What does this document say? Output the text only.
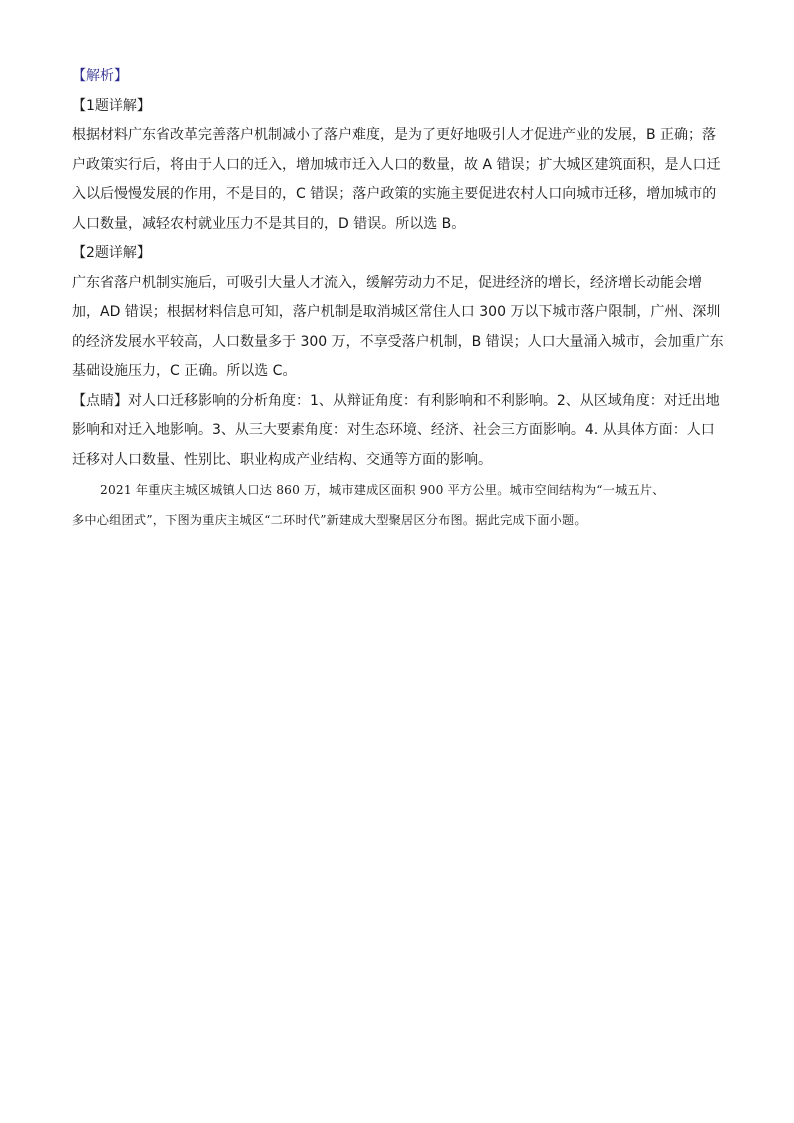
【解析】
【1题详解】
根据材料广东省改革完善落户机制减小了落户难度，是为了更好地吸引人才促进产业的发展，B 正确；落
户政策实行后，将由于人口的迁入，增加城市迁入人口的数量，故 A 错误；扩大城区建筑面积，是人口迁
入以后慢慢发展的作用，不是目的，C 错误；落户政策的实施主要促进农村人口向城市迁移，增加城市的
人口数量，减轻农村就业压力不是其目的，D 错误。所以选 B。
【2题详解】
广东省落户机制实施后，可吸引大量人才流入，缓解劳动力不足，促进经济的增长，经济增长动能会增
加，AD 错误；根据材料信息可知，落户机制是取消城区常住人口 300 万以下城市落户限制，广州、深圳
的经济发展水平较高，人口数量多于 300 万，不享受落户机制，B 错误；人口大量涌入城市，会加重广东
基础设施压力，C 正确。所以选 C。
【点睛】对人口迁移影响的分析角度：1、从辩证角度：有利影响和不利影响。2、从区域角度：对迁出地
影响和对迁入地影响。3、从三大要素角度：对生态环境、经济、社会三方面影响。4. 从具体方面：人口
迁移对人口数量、性别比、职业构成产业结构、交通等方面的影响。
2021 年重庆主城区城镇人口达 860 万，城市建成区面积 900 平方公里。城市空间结构为“一城五片、
多中心组团式”，下图为重庆主城区“二环时代”新建成大型聚居区分布图。据此完成下面小题。
